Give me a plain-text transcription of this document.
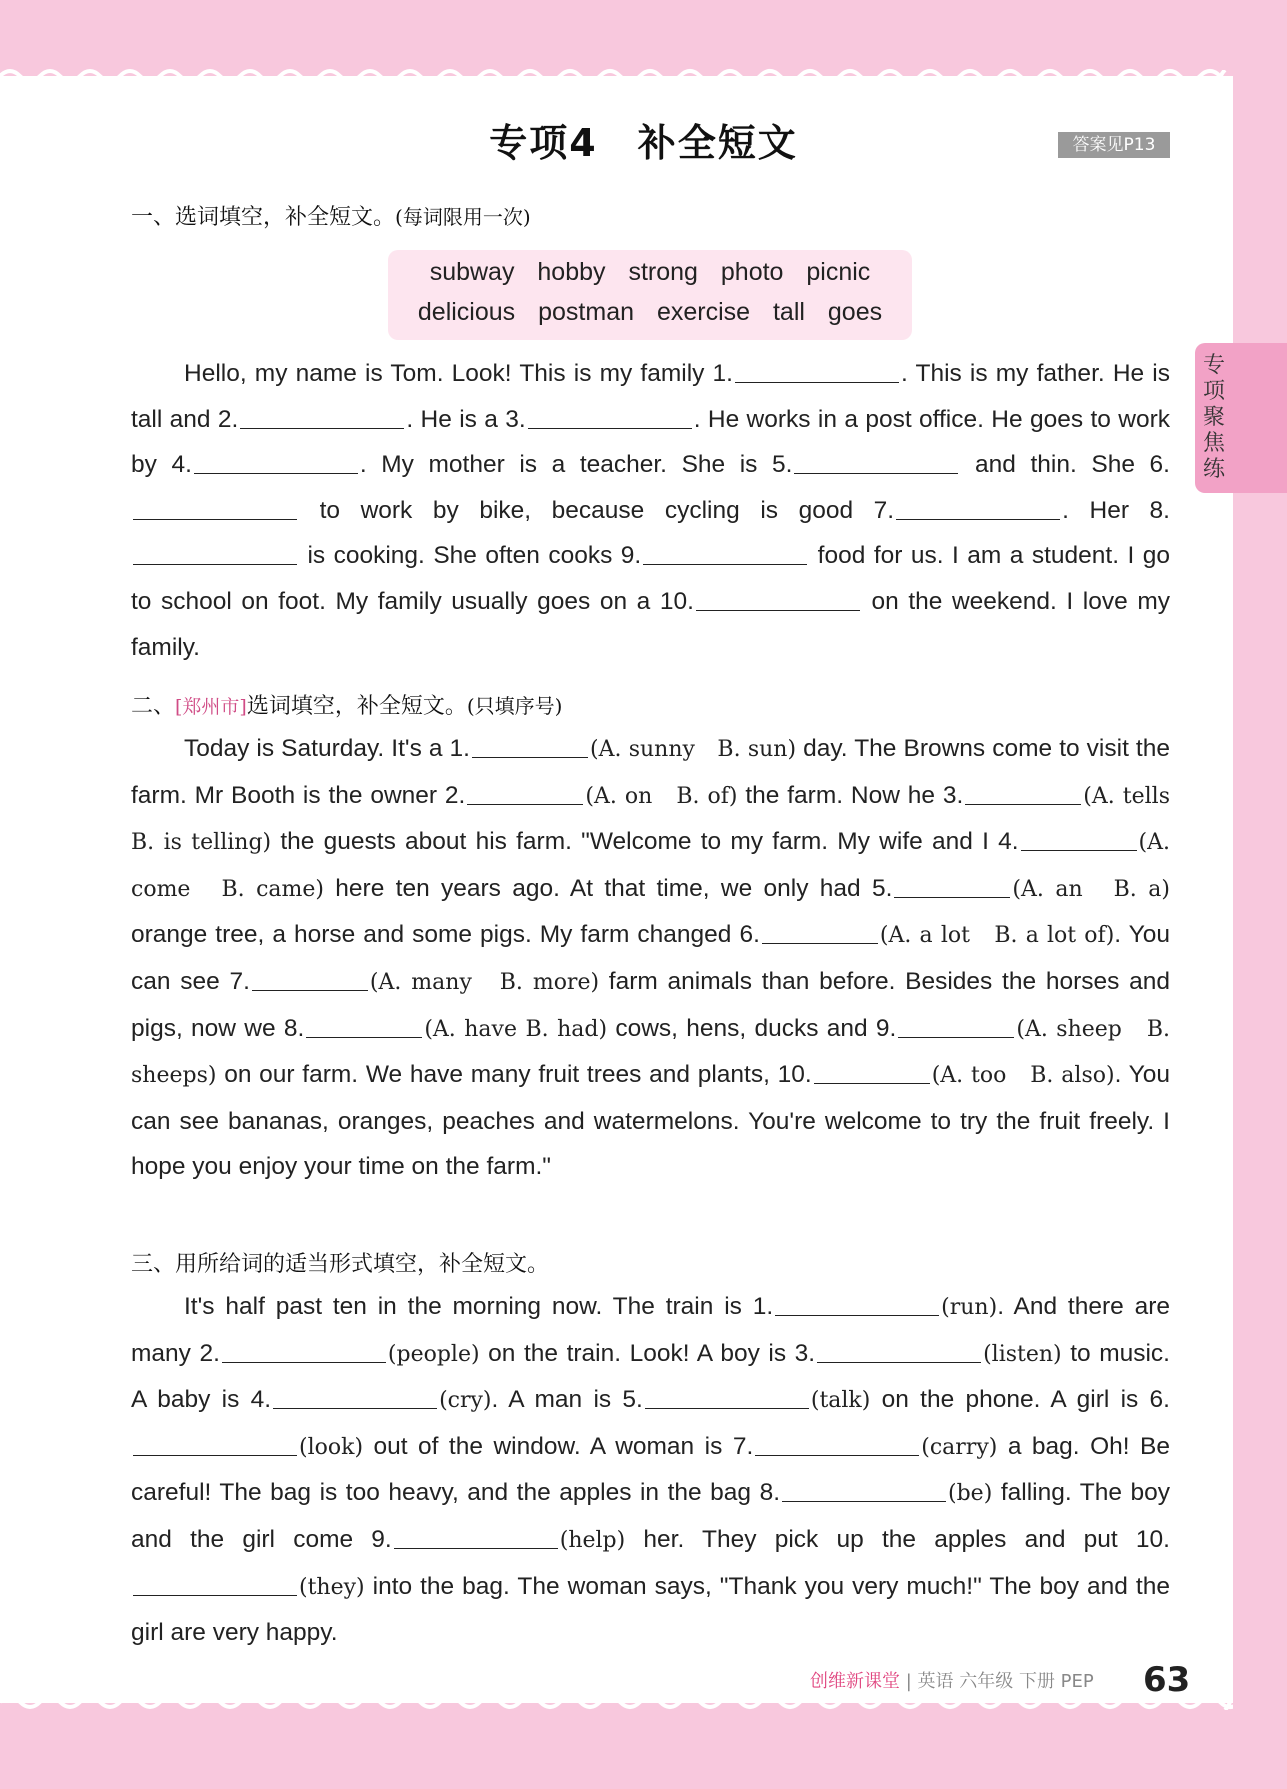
专项4　补全短文	答案见P13
专项聚焦练
一、选词填空，补全短文。(每词限用一次)
subway hobby strong photo picnic
delicious postman exercise tall goes

Hello, my name is Tom. Look! This is my family 1.	. This is my father. He is tall and 2.	. He is a 3.	. He works in a post office. He goes to work by 4.	. My mother is a teacher. She is 5.	and thin. She 6. to work by bike, because cycling is good 7.	. Her 8. is cooking. She often cooks 9.	food for us. I am a student. I go to school on foot. My family usually goes on a 10.	on the weekend. I love my family.

二、[郑州市]选词填空，补全短文。(只填序号)

Today is Saturday. It's a 1.	(A. sunny　B. sun) day. The Browns come to visit the farm. Mr Booth is the owner 2.	(A. on　B. of) the farm. Now he 3.	(A. tells　B. is telling) the guests about his farm. "Welcome to my farm. My wife and I 4.	(A. come　B. came) here ten years ago. At that time, we only had 5.	(A. an　B. a) orange tree, a horse and some pigs. My farm changed 6.	(A. a lot　B. a lot of). You can see 7.	(A. many　B. more) farm animals than before. Besides the horses and pigs, now we 8.	(A. have B. had) cows, hens, ducks and 9.	(A. sheep　B. sheeps) on our farm. We have many fruit trees and plants, 10.	(A. too　B. also). You can see bananas, oranges, peaches and watermelons. You're welcome to try the fruit freely. I hope you enjoy your time on the farm."

三、用所给词的适当形式填空，补全短文。

It's half past ten in the morning now. The train is 1.	(run). And there are many 2.	(people) on the train. Look! A boy is 3.	(listen) to music. A baby is 4.	(cry). A man is 5.	(talk) on the phone. A girl is 6.(look) out of the window. A woman is 7.	(carry) a bag. Oh! Be careful! The bag is too heavy, and the apples in the bag 8.	(be) falling. The boy and the girl come 9.	(help) her. They pick up the apples and put 10.(they) into the bag. The woman says, "Thank you very much!" The boy and the girl are very happy.

创维新课堂 | 英语 六年级 下册 PEP 63
